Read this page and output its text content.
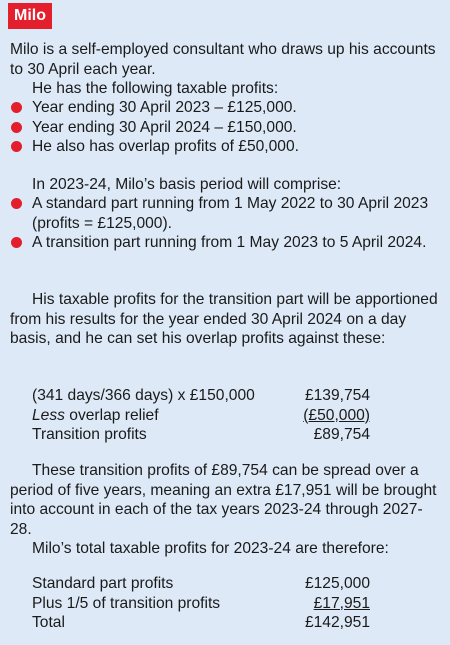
Milo
Milo is a self-employed consultant who draws up his accounts to 30 April each year.
He has the following taxable profits:
Year ending 30 April 2023 – £125,000.
Year ending 30 April 2024 – £150,000.
He also has overlap profits of £50,000.
In 2023-24, Milo’s basis period will comprise:
A standard part running from 1 May 2022 to 30 April 2023 (profits = £125,000).
A transition part running from 1 May 2023 to 5 April 2024.
His taxable profits for the transition part will be apportioned from his results for the year ended 30 April 2024 on a day basis, and he can set his overlap profits against these:
(341 days/366 days) x £150,000	£139,754
Less overlap relief	(£50,000)
Transition profits	£89,754
These transition profits of £89,754 can be spread over a period of five years, meaning an extra £17,951 will be brought into account in each of the tax years 2023-24 through 2027-28.
Milo’s total taxable profits for 2023-24 are therefore:
Standard part profits	£125,000
Plus 1/5 of transition profits	£17,951
Total	£142,951
